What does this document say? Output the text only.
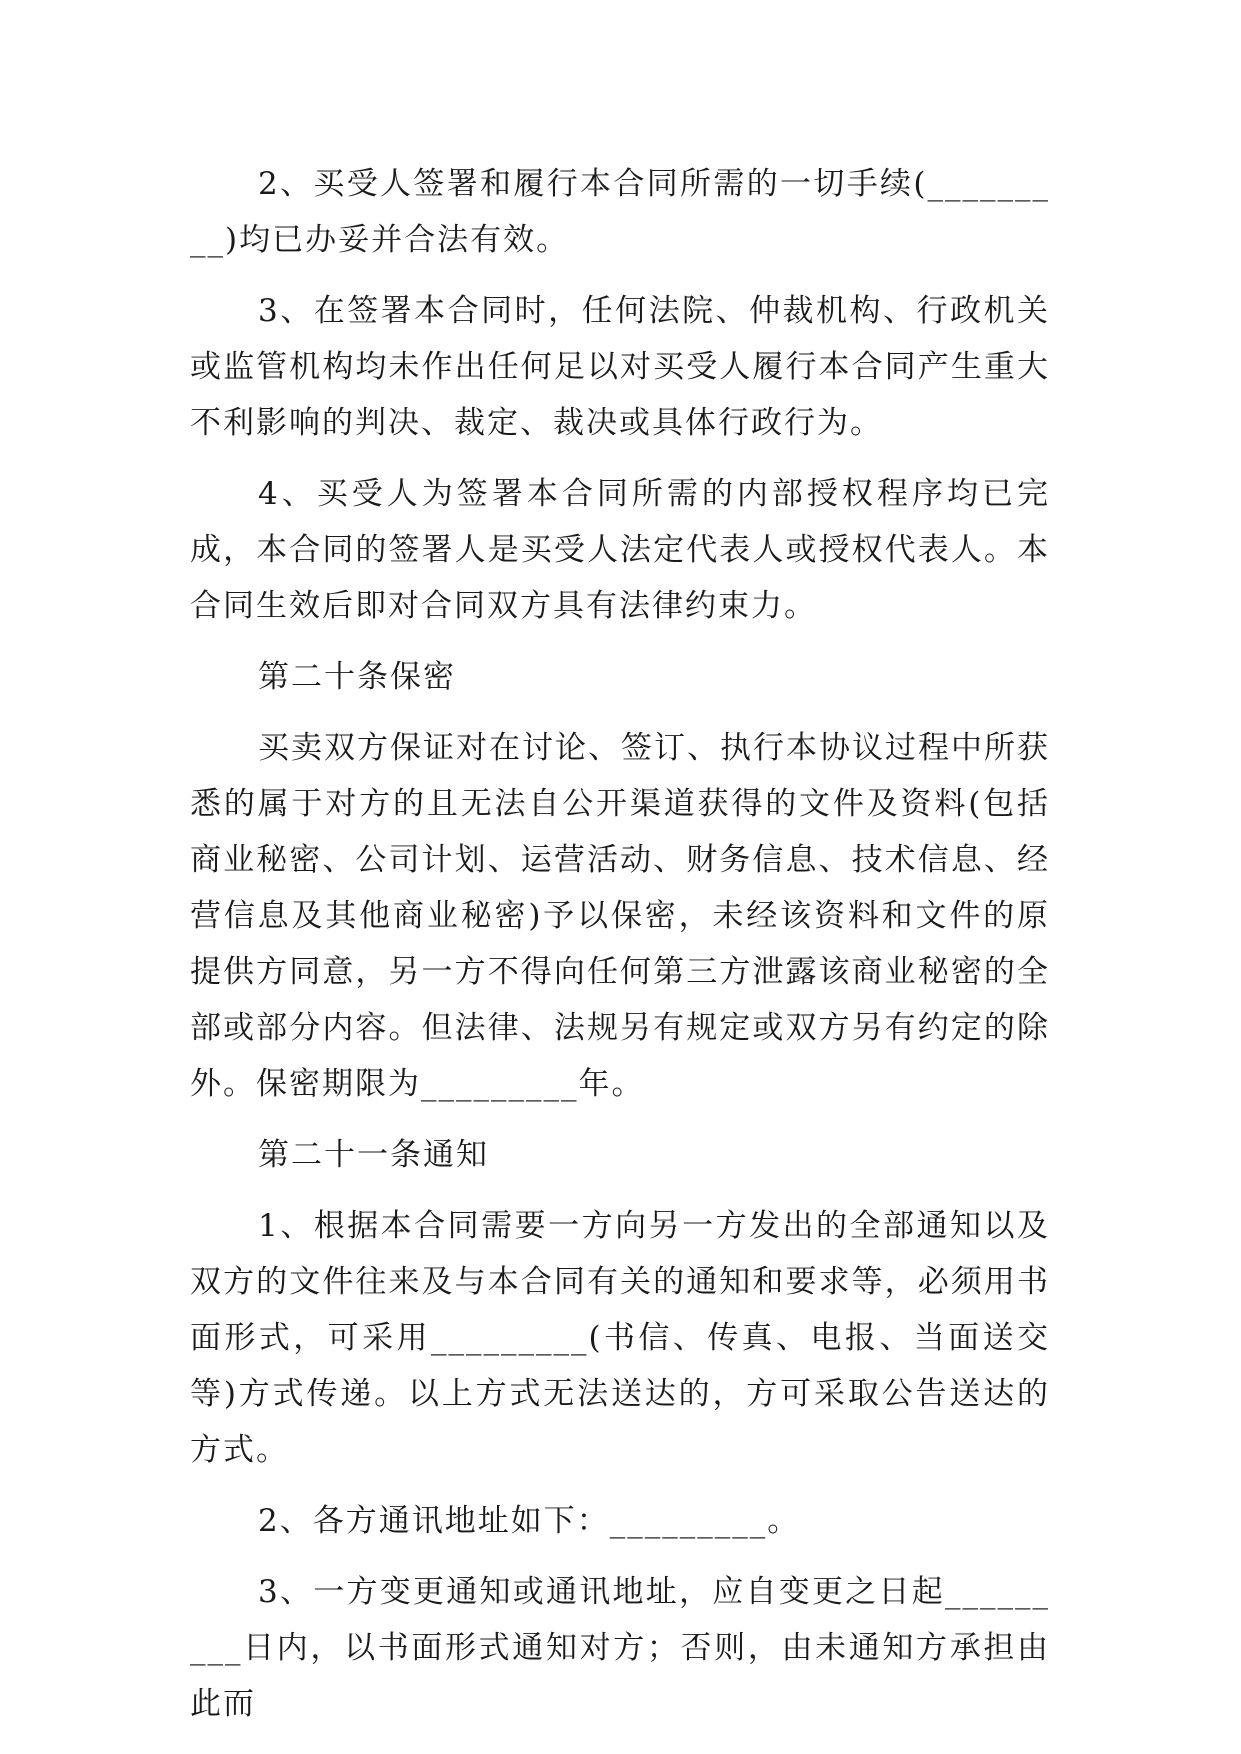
2、买受人签署和履行本合同所需的一切手续(_________)均已办妥并合法有效。

3、在签署本合同时，任何法院、仲裁机构、行政机关或监管机构均未作出任何足以对买受人履行本合同产生重大不利影响的判决、裁定、裁决或具体行政行为。

4、买受人为签署本合同所需的内部授权程序均已完成，本合同的签署人是买受人法定代表人或授权代表人。本合同生效后即对合同双方具有法律约束力。

第二十条保密

买卖双方保证对在讨论、签订、执行本协议过程中所获悉的属于对方的且无法自公开渠道获得的文件及资料(包括商业秘密、公司计划、运营活动、财务信息、技术信息、经营信息及其他商业秘密)予以保密，未经该资料和文件的原提供方同意，另一方不得向任何第三方泄露该商业秘密的全部或部分内容。但法律、法规另有规定或双方另有约定的除外。保密期限为_________年。

第二十一条通知

1、根据本合同需要一方向另一方发出的全部通知以及双方的文件往来及与本合同有关的通知和要求等，必须用书面形式，可采用_________(书信、传真、电报、当面送交等)方式传递。以上方式无法送达的，方可采取公告送达的方式。

2、各方通讯地址如下：_________。

3、一方变更通知或通讯地址，应自变更之日起_________日内，以书面形式通知对方；否则，由未通知方承担由此而
